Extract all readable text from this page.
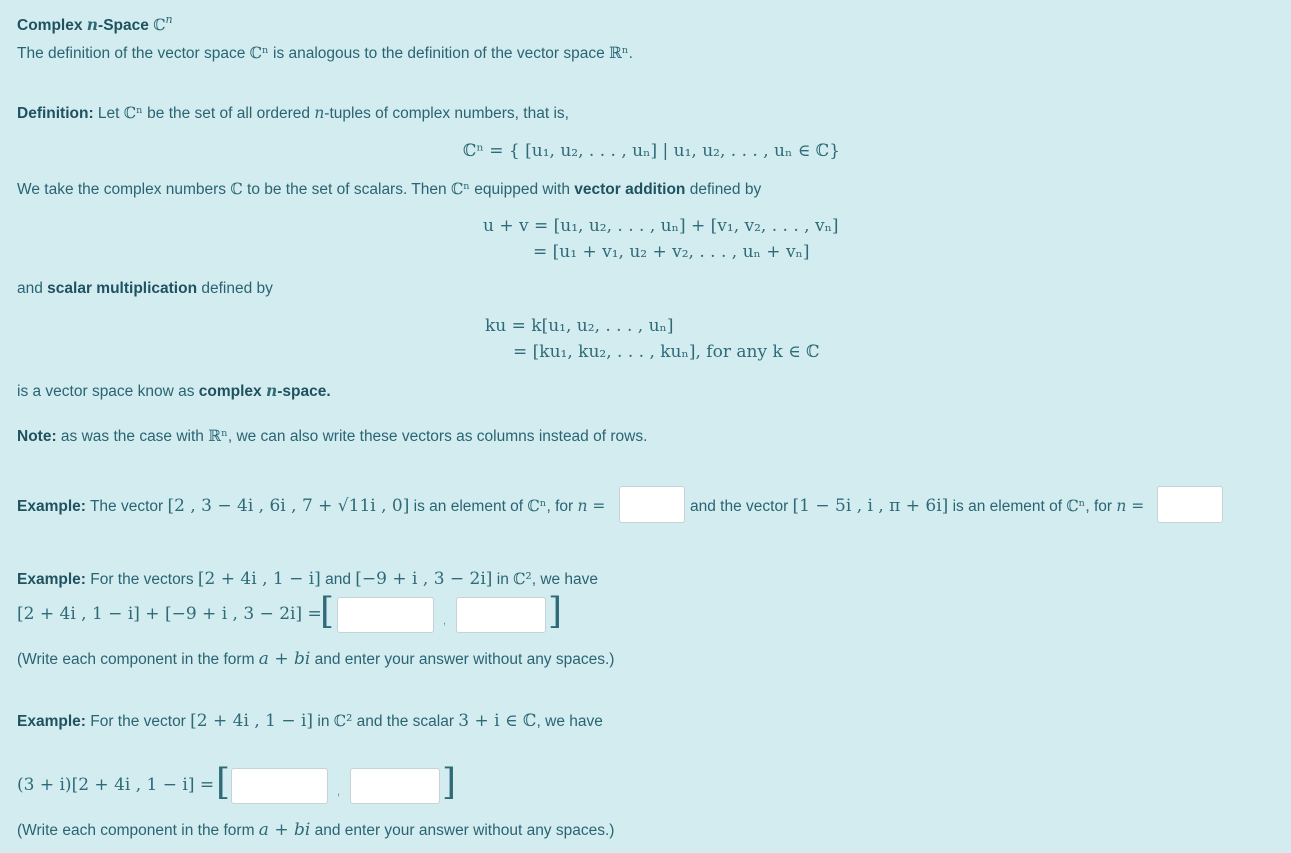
Complex n-Space ℂ$^n$
The definition of the vector space ℂⁿ is analogous to the definition of the vector space ℝⁿ.
Definition: Let ℂⁿ be the set of all ordered n-tuples of complex numbers, that is,
ℂⁿ = { [u₁, u₂, . . . , uₙ] | u₁, u₂, . . . , uₙ ∈ ℂ}
We take the complex numbers ℂ to be the set of scalars. Then ℂⁿ equipped with vector addition defined by
u + v = [u₁, u₂, . . . , uₙ] + [v₁, v₂, . . . , vₙ]
= [u₁ + v₁, u₂ + v₂, . . . , uₙ + vₙ]
and scalar multiplication defined by
ku = k[u₁, u₂, . . . , uₙ]
= [ku₁, ku₂, . . . , kuₙ], for any k ∈ ℂ
is a vector space know as complex n-space.
Note: as was the case with ℝⁿ, we can also write these vectors as columns instead of rows.
Example: The vector [2 , 3 − 4i , 6i , 7 + √11i , 0] is an element of ℂⁿ, for n =	and the vector [1 − 5i , i , π + 6i] is an element of ℂⁿ, for n =
Example: For the vectors [2 + 4i , 1 − i] and [−9 + i , 3 − 2i] in ℂ², we have
[2 + 4i , 1 − i] + [−9 + i , 3 − 2i] =
[	,	]
(Write each component in the form a + bi and enter your answer without any spaces.)
Example: For the vector [2 + 4i , 1 − i] in ℂ² and the scalar 3 + i ∈ ℂ, we have
(3 + i)[2 + 4i , 1 − i] = [	,	]
(Write each component in the form a + bi and enter your answer without any spaces.)
